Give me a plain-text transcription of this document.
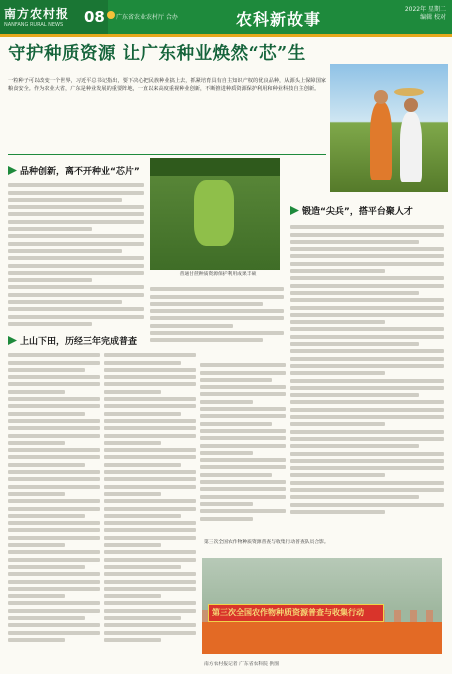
南方农村报
NANFANG RURAL NEWS 08 广东省农业农村厅 合办	农科新故事
2022年 星期二
编辑 校对
守护种质资源 让广东种业焕然“芯”生
一粒种子可以改变一个世界，习近平总书记指出，要下决心把民族种业搞上去，抓紧培育具有自主知识产权的优良品种，从源头上保障国家粮食安全。作为农业大省，广东是种业发展的重要阵地，一直以来高度重视种业创新，不断推进种质资源保护利用和种业科技自主创新。
品种创新，离不开种业“芯片”
普通甘蔗种质资源保护利用成果丰硕
锻造“尖兵”，搭平台聚人才
上山下田，历经三年完成普查
第三次全国农作物种质资源普查与收集行动普查队员合影。
第三次全国农作物种质资源普查与收集行动
南方农村报记者 广东省农科院 供图
